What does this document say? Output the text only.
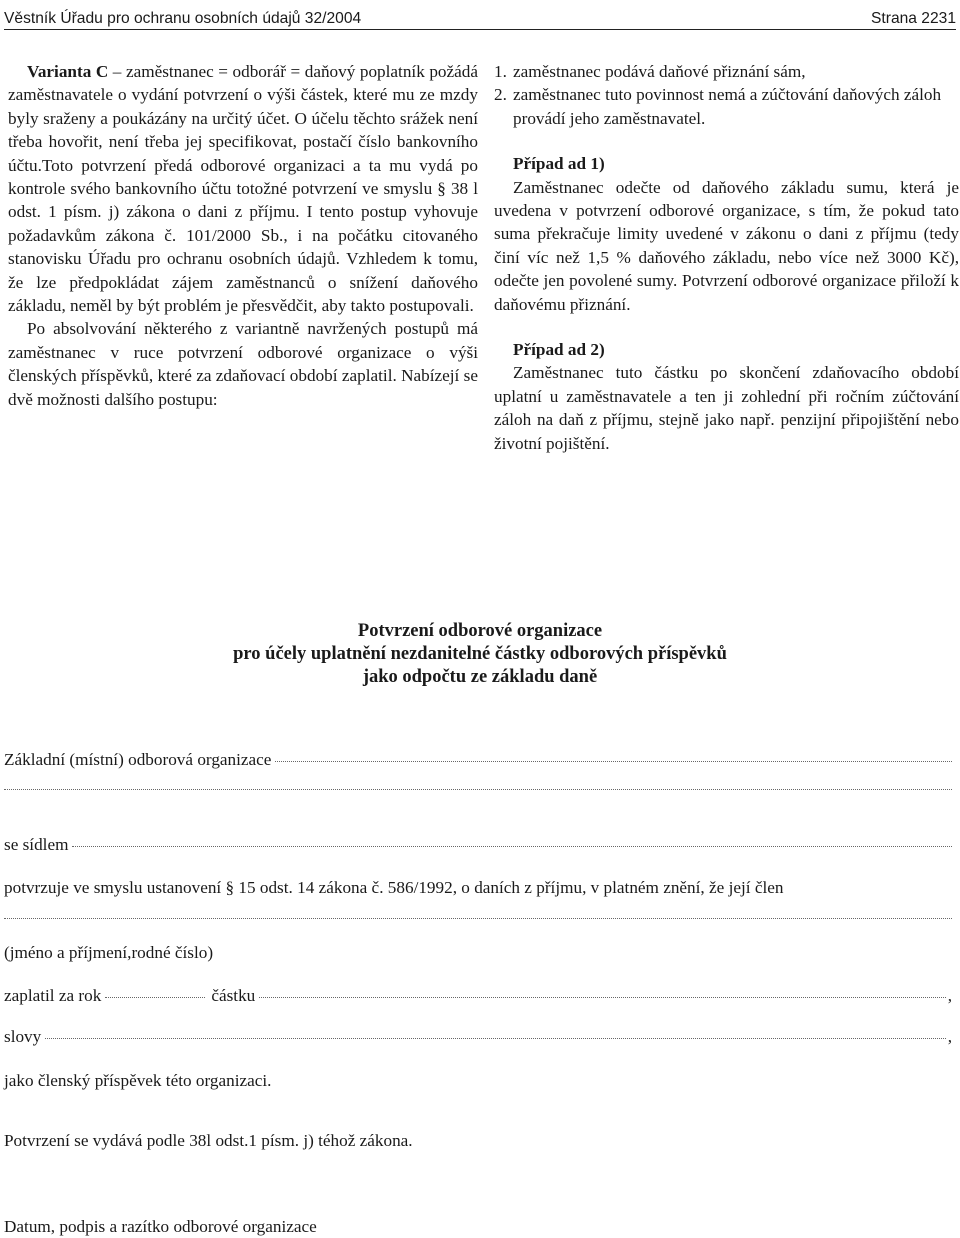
Věstník Úřadu pro ochranu osobních údajů 32/2004	Strana 2231

Varianta C – zaměstnanec = odborář = daňový poplatník požádá zaměstnavatele o vydání potvrzení o výši částek, které mu ze mzdy byly sraženy a poukázány na určitý účet. O účelu těchto srážek není třeba hovořit, není třeba jej specifikovat, postačí číslo bankovního účtu.Toto potvrzení předá odborové organizaci a ta mu vydá po kontrole svého bankovního účtu totožné potvrzení ve smyslu § 38 l odst. 1 písm. j) zákona o dani z příjmu. I tento postup vyhovuje požadavkům zákona č. 101/2000 Sb., i na počátku citovaného stanovisku Úřadu pro ochranu osobních údajů. Vzhledem k tomu, že lze předpokládat zájem zaměstnanců o snížení daňového základu, neměl by být problém je přesvědčit, aby takto postupovali.

Po absolvování některého z variantně navržených postupů má zaměstnanec v ruce potvrzení odborové organizace o výši členských příspěvků, které za zdaňovací období zaplatil. Nabízejí se dvě možnosti dalšího postupu:

1. zaměstnanec podává daňové přiznání sám,
2. zaměstnanec tuto povinnost nemá a zúčtování daňových záloh provádí jeho zaměstnavatel.

Případ ad 1)

Zaměstnanec odečte od daňového základu sumu, která je uvedena v potvrzení odborové organizace, s tím, že pokud tato suma překračuje limity uvedené v zákonu o dani z příjmu (tedy činí víc než 1,5 % daňového základu, nebo více než 3000 Kč), odečte jen povolené sumy. Potvrzení odborové organizace přiloží k daňovému přiznání.

Případ ad 2)

Zaměstnanec tuto částku po skončení zdaňovacího období uplatní u zaměstnavatele a ten ji zohlední při ročním zúčtování záloh na daň z příjmu, stejně jako např. penzijní připojištění nebo životní pojištění.

Potvrzení odborové organizace
pro účely uplatnění nezdanitelné částky odborových příspěvků
jako odpočtu ze základu daně
Základní (místní) odborová organizace
se sídlem
potvrzuje ve smyslu ustanovení § 15 odst. 14 zákona č. 586/1992, o daních z příjmu, v platném znění, že její člen
(jméno a příjmení,rodné číslo)
zaplatil za rok	částku	,
slovy	,
jako členský příspěvek této organizaci.
Potvrzení se vydává podle 38l odst.1 písm. j) téhož zákona.
Datum, podpis a razítko odborové organizace
